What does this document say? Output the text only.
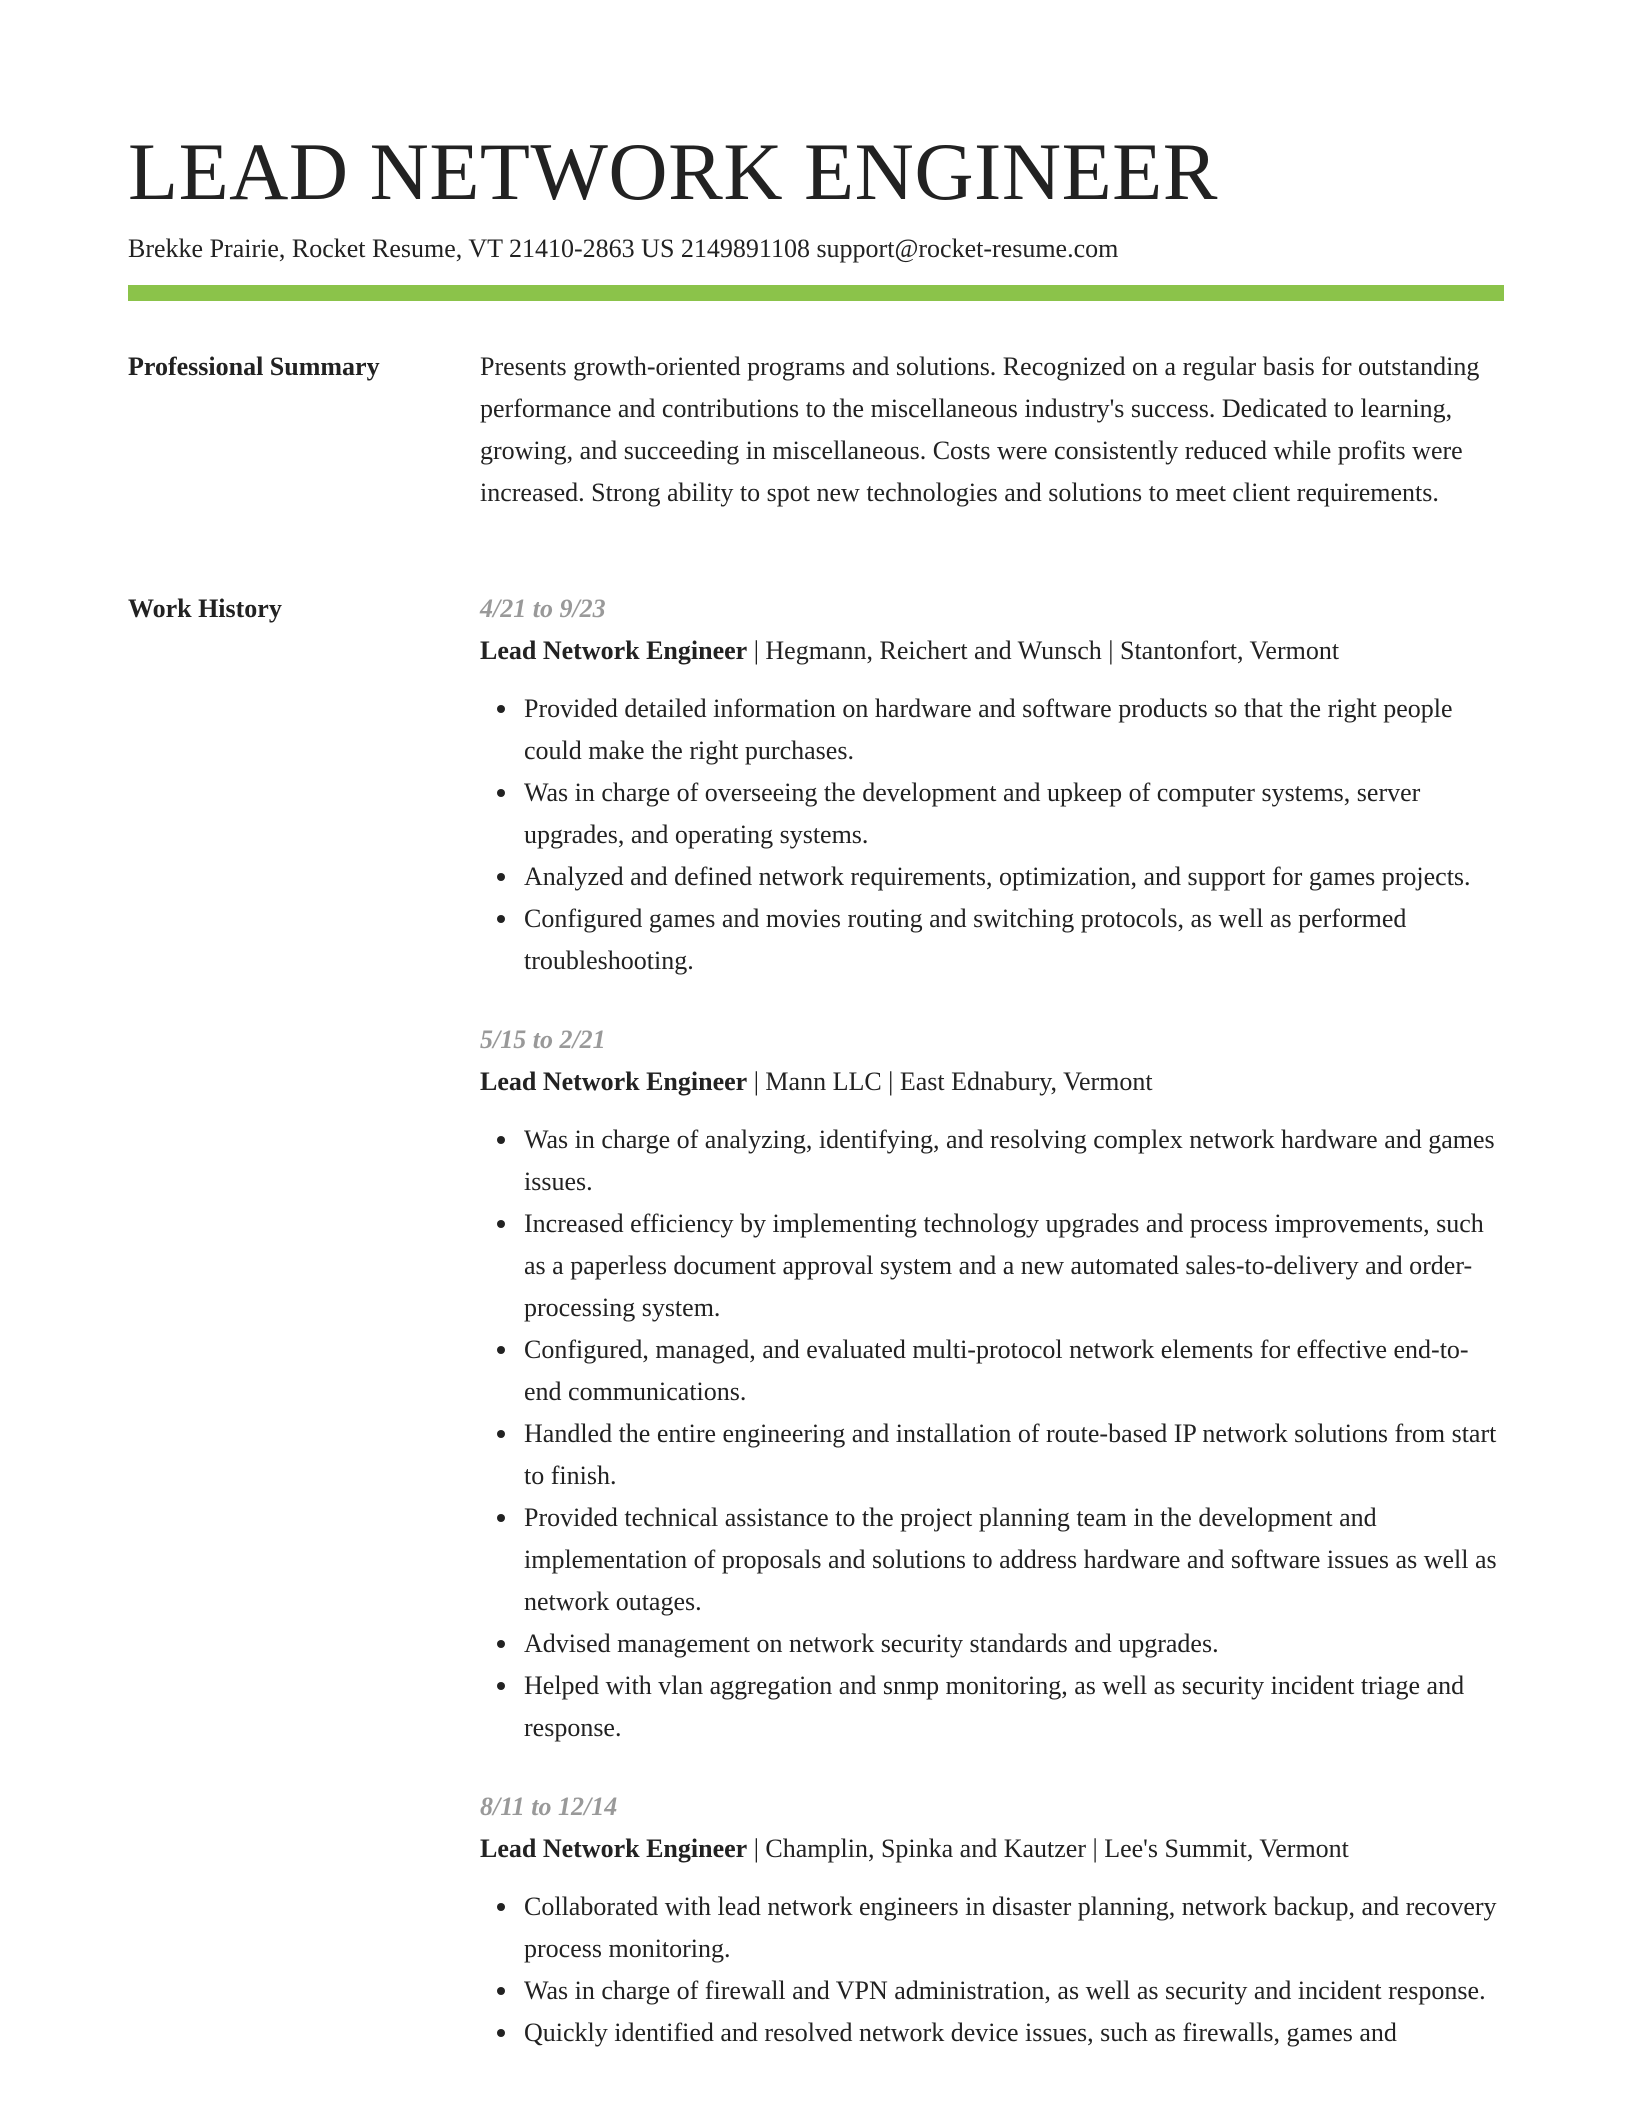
LEAD NETWORK ENGINEER
Brekke Prairie, Rocket Resume, VT 21410-2863 US 2149891108 support@rocket-resume.com
Professional Summary	Presents growth-oriented programs and solutions. Recognized on a regular basis for outstanding performance and contributions to the miscellaneous industry's success. Dedicated to learning, growing, and succeeding in miscellaneous. Costs were consistently reduced while profits were increased. Strong ability to spot new technologies and solutions to meet client requirements.

Work History	4/21 to 9/23
Lead Network Engineer | Hegmann, Reichert and Wunsch | Stantonfort, Vermont
Provided detailed information on hardware and software products so that the right people could make the right purchases.
Was in charge of overseeing the development and upkeep of computer systems, server upgrades, and operating systems.
Analyzed and defined network requirements, optimization, and support for games projects.
Configured games and movies routing and switching protocols, as well as performed troubleshooting.
5/15 to 2/21
Lead Network Engineer | Mann LLC | East Ednabury, Vermont
Was in charge of analyzing, identifying, and resolving complex network hardware and games issues.
Increased efficiency by implementing technology upgrades and process improvements, such as a paperless document approval system and a new automated sales-to-delivery and order-processing system.
Configured, managed, and evaluated multi-protocol network elements for effective end-to-end communications.
Handled the entire engineering and installation of route-based IP network solutions from start to finish.
Provided technical assistance to the project planning team in the development and implementation of proposals and solutions to address hardware and software issues as well as network outages.
Advised management on network security standards and upgrades.
Helped with vlan aggregation and snmp monitoring, as well as security incident triage and response.
8/11 to 12/14
Lead Network Engineer | Champlin, Spinka and Kautzer | Lee's Summit, Vermont
Collaborated with lead network engineers in disaster planning, network backup, and recovery process monitoring.
Was in charge of firewall and VPN administration, as well as security and incident response.
Quickly identified and resolved network device issues, such as firewalls, games and
